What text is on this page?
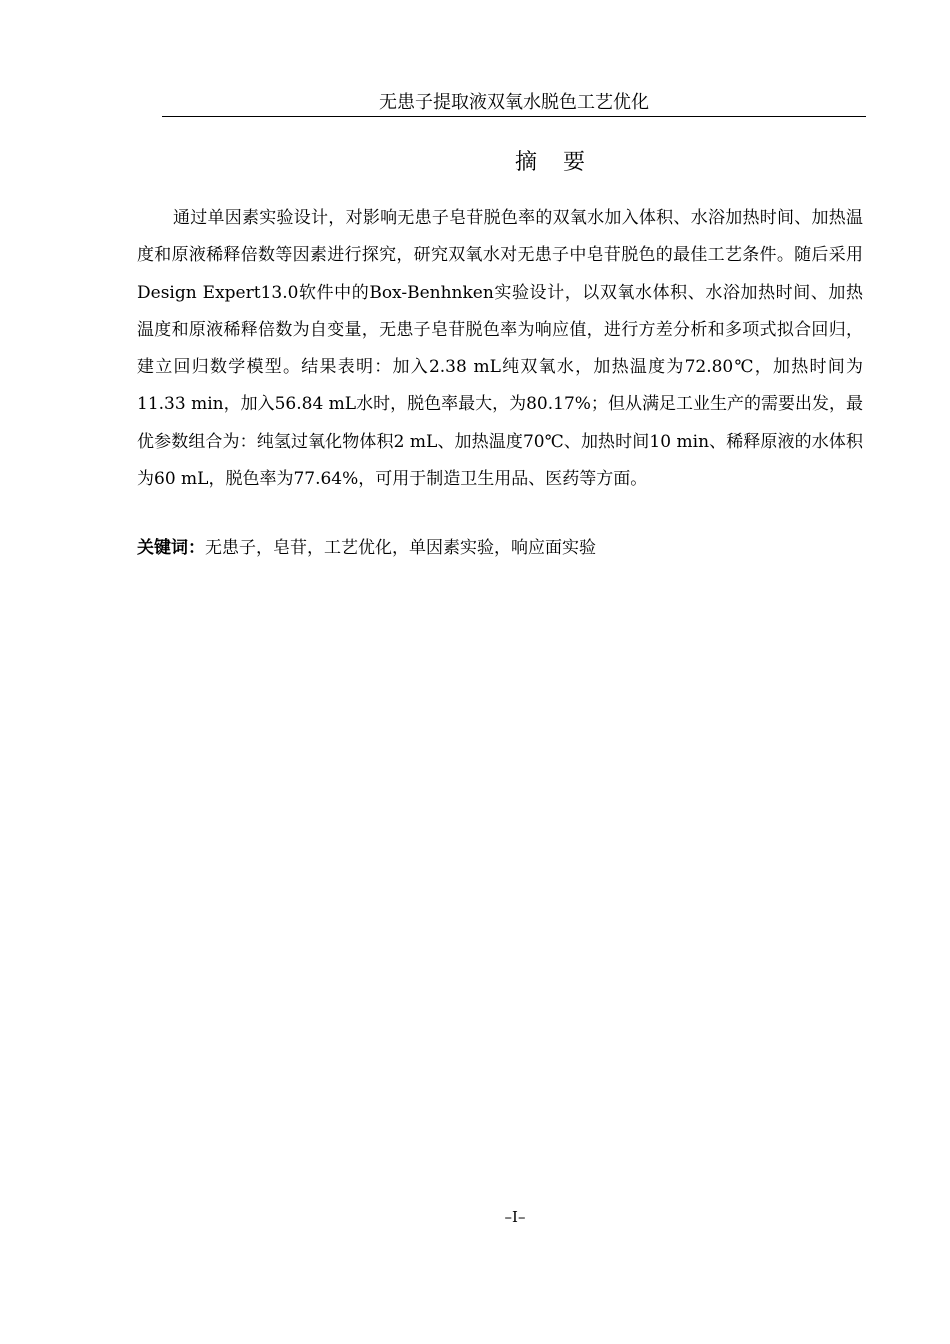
无患子提取液双氧水脱色工艺优化
摘 要

通过单因素实验设计，对影响无患子皂苷脱色率的双氧水加入体积、水浴加热时间、加热温度和原液稀释倍数等因素进行探究，研究双氧水对无患子中皂苷脱色的最佳工艺条件。随后采用Design Expert13.0软件中的Box-Benhnken实验设计，以双氧水体积、水浴加热时间、加热温度和原液稀释倍数为自变量，无患子皂苷脱色率为响应值，进行方差分析和多项式拟合回归，建立回归数学模型。结果表明：加入2.38 mL纯双氧水，加热温度为72.80℃，加热时间为11.33 min，加入56.84 mL水时，脱色率最大，为80.17%；但从满足工业生产的需要出发，最优参数组合为：纯氢过氧化物体积2 mL、加热温度70℃、加热时间10 min、稀释原液的水体积为60 mL，脱色率为77.64%，可用于制造卫生用品、医药等方面。

关键词：无患子，皂苷，工艺优化，单因素实验，响应面实验

–I–
